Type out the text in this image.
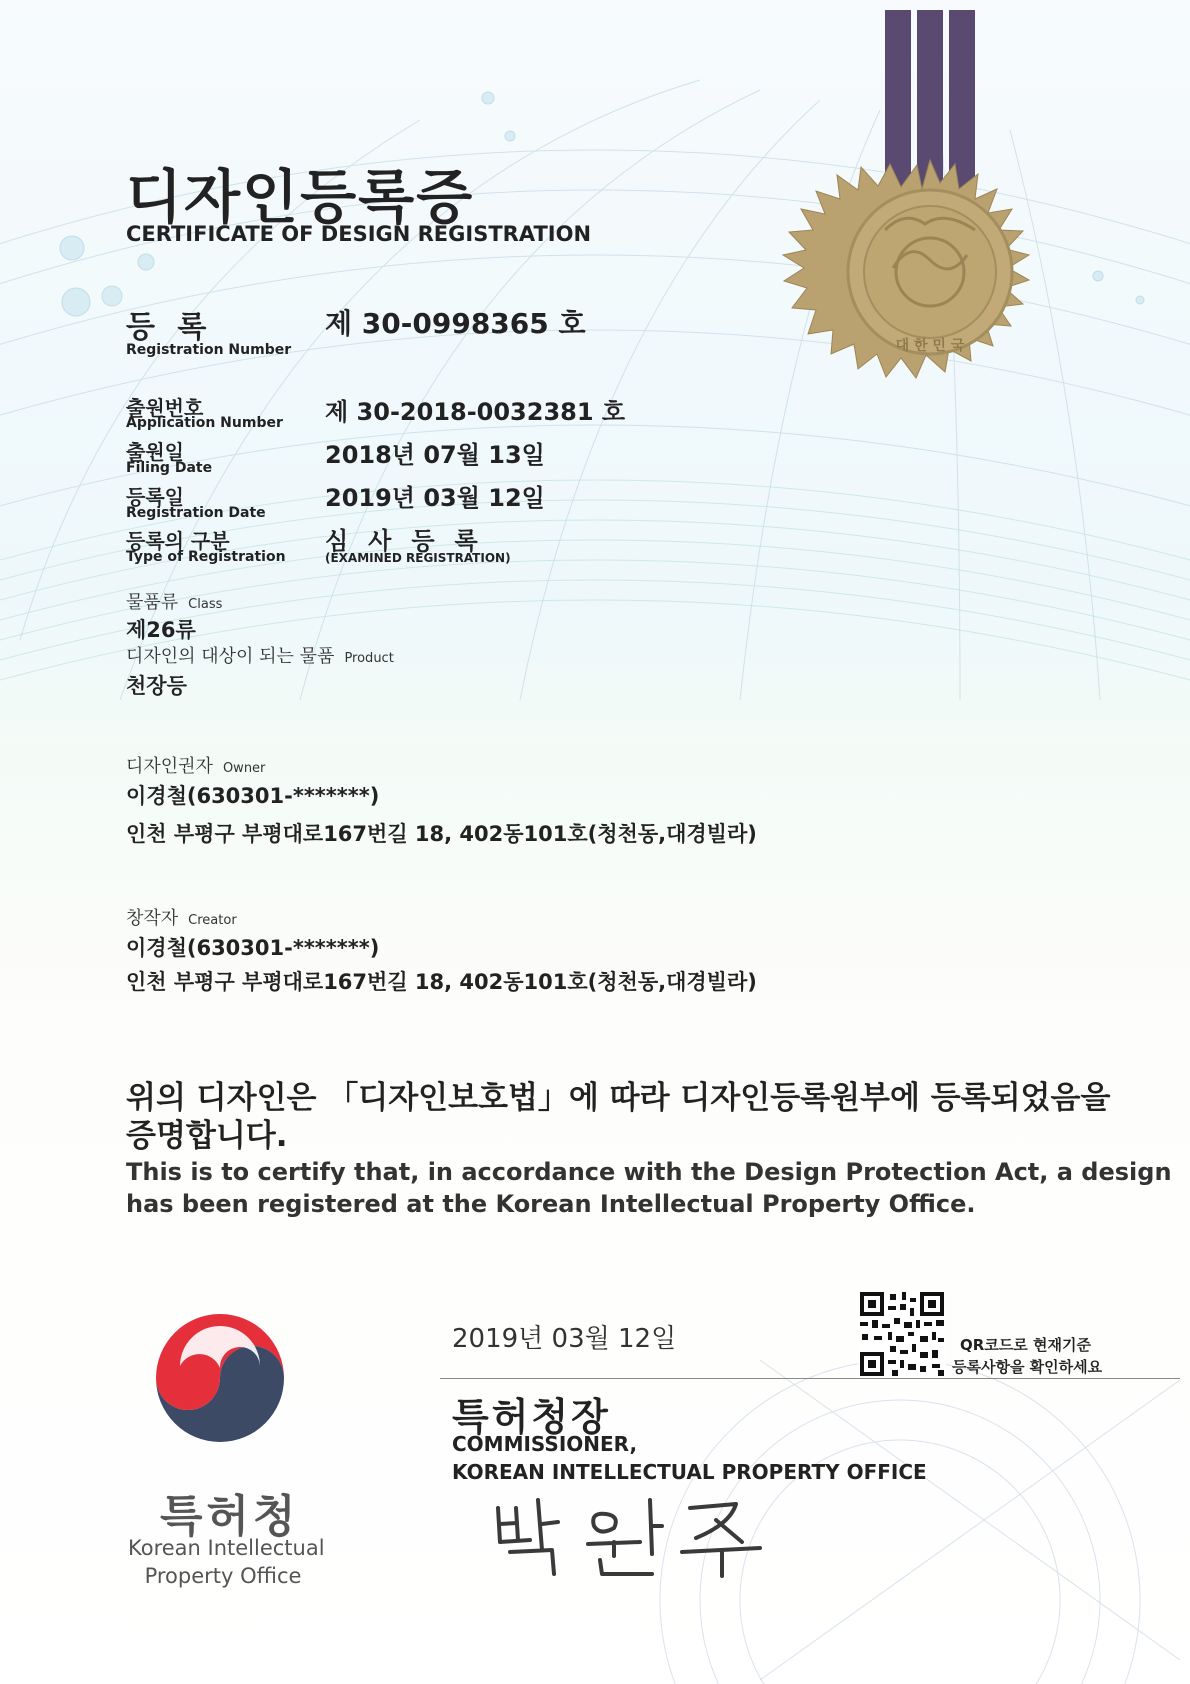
대 한 민 국
디자인등록증
CERTIFICATE OF DESIGN REGISTRATION
등 록
Registration Number
제 30-0998365 호
출원번호
Application Number 제 30-2018-0032381 호
출원일
Filing Date	2018년 07월 13일
등록일
Registration Date
2019년 03월 12일
등록의 구분
Type of Registration
심사등록
(EXAMINED REGISTRATION)
물품류 Class
제26류
디자인의 대상이 되는 물품 Product
천장등
디자인권자 Owner
이경철(630301-*******)
인천 부평구 부평대로167번길 18, 402동101호(청천동,대경빌라)
창작자 Creator
이경철(630301-*******)
인천 부평구 부평대로167번길 18, 402동101호(청천동,대경빌라)
위의 디자인은 「디자인보호법」에 따라 디자인등록원부에 등록되었음을
증명합니다.
This is to certify that, in accordance with the Design Protection Act, a design
has been registered at the Korean Intellectual Property Office.
2019년 03월 12일
특허청장
COMMISSIONER,
KOREAN INTELLECTUAL PROPERTY OFFICE
QR코드로 현재기준
등록사항을 확인하세요
특허청
Korean Intellectual
Property Office
